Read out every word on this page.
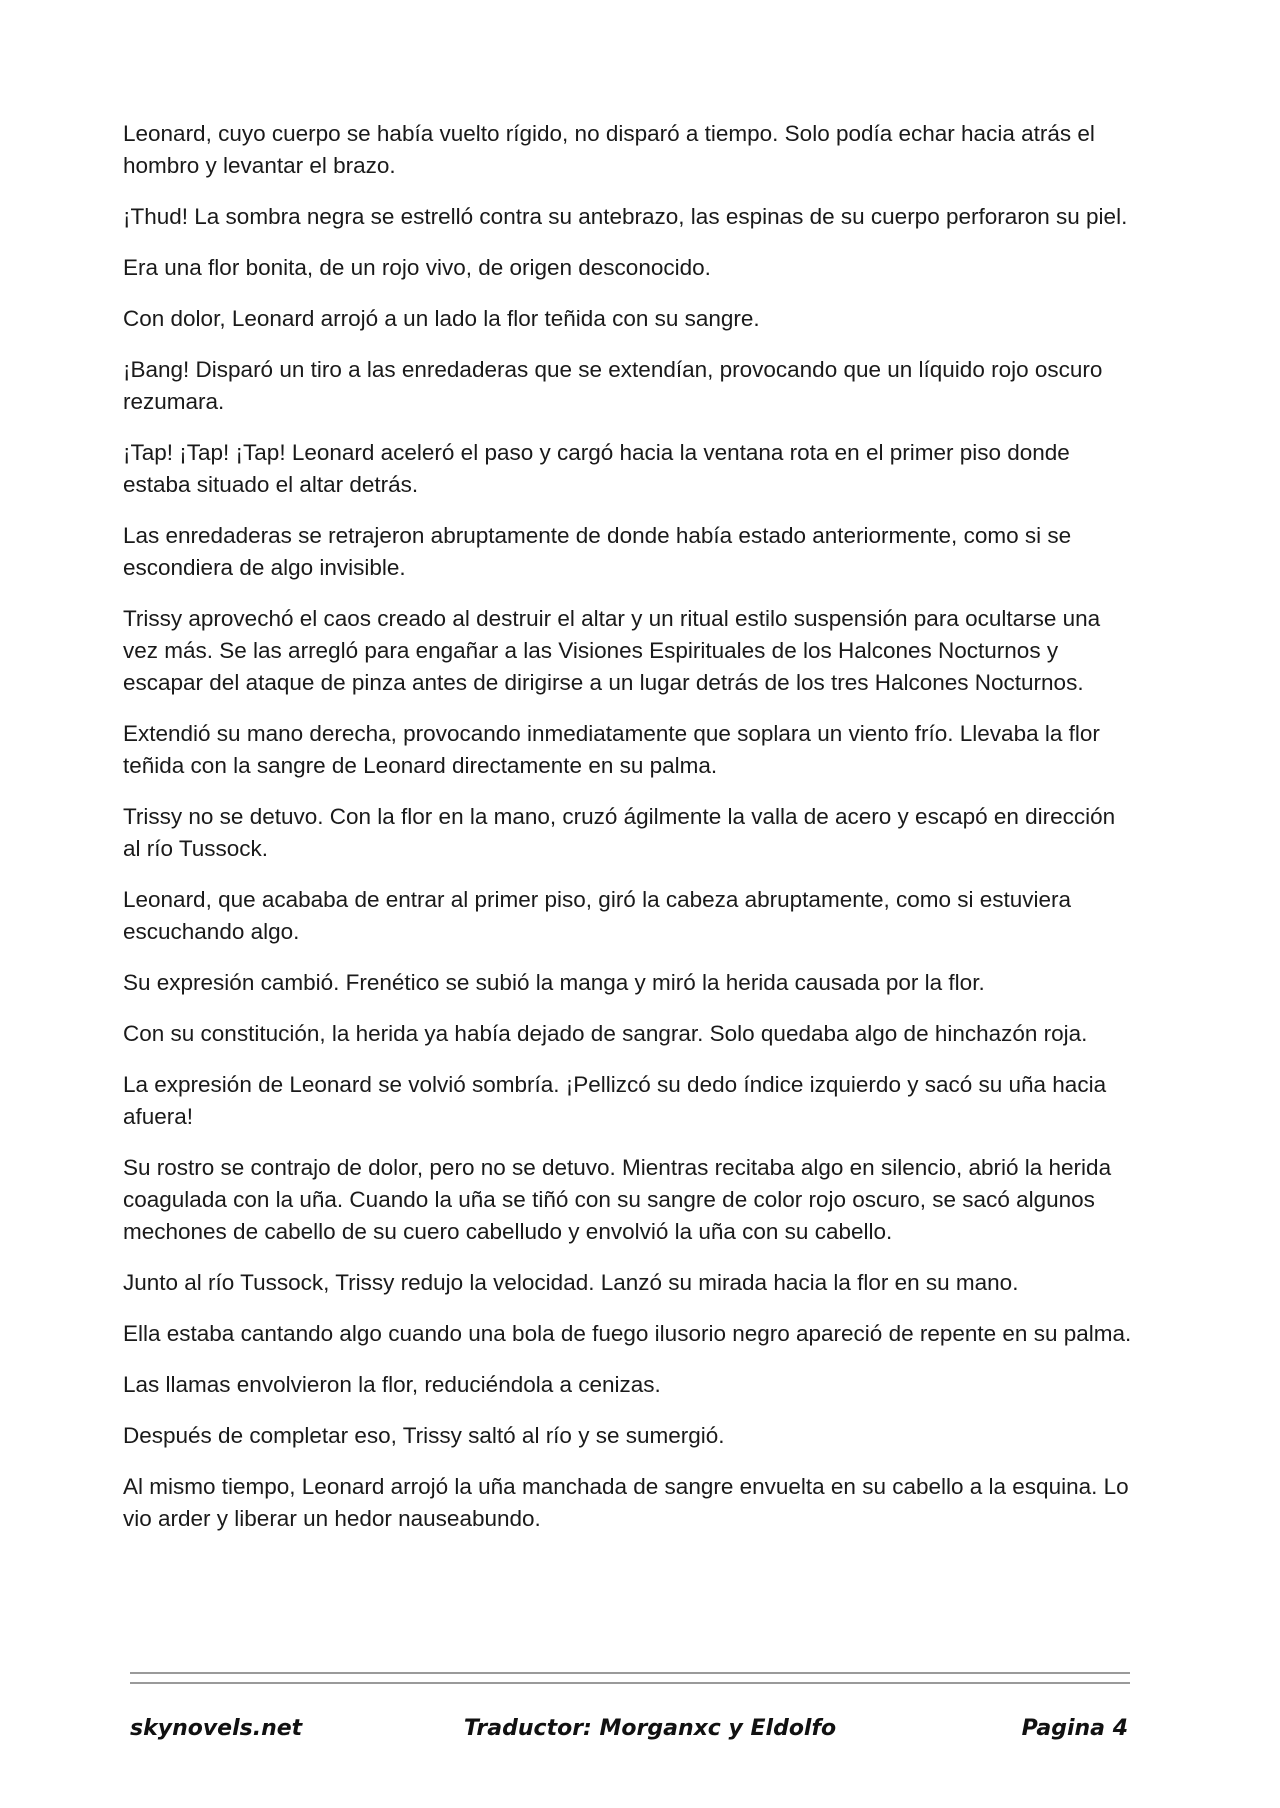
Leonard, cuyo cuerpo se había vuelto rígido, no disparó a tiempo. Solo podía echar hacia atrás el hombro y levantar el brazo.

¡Thud! La sombra negra se estrelló contra su antebrazo, las espinas de su cuerpo perforaron su piel.

Era una flor bonita, de un rojo vivo, de origen desconocido.

Con dolor, Leonard arrojó a un lado la flor teñida con su sangre.

¡Bang! Disparó un tiro a las enredaderas que se extendían, provocando que un líquido rojo oscuro rezumara.

¡Tap! ¡Tap! ¡Tap! Leonard aceleró el paso y cargó hacia la ventana rota en el primer piso donde estaba situado el altar detrás.

Las enredaderas se retrajeron abruptamente de donde había estado anteriormente, como si se escondiera de algo invisible.

Trissy aprovechó el caos creado al destruir el altar y un ritual estilo suspensión para ocultarse una vez más. Se las arregló para engañar a las Visiones Espirituales de los Halcones Nocturnos y escapar del ataque de pinza antes de dirigirse a un lugar detrás de los tres Halcones Nocturnos.

Extendió su mano derecha, provocando inmediatamente que soplara un viento frío. Llevaba la flor teñida con la sangre de Leonard directamente en su palma.

Trissy no se detuvo. Con la flor en la mano, cruzó ágilmente la valla de acero y escapó en dirección al río Tussock.

Leonard, que acababa de entrar al primer piso, giró la cabeza abruptamente, como si estuviera escuchando algo.

Su expresión cambió. Frenético se subió la manga y miró la herida causada por la flor.

Con su constitución, la herida ya había dejado de sangrar. Solo quedaba algo de hinchazón roja.

La expresión de Leonard se volvió sombría. ¡Pellizcó su dedo índice izquierdo y sacó su uña hacia afuera!

Su rostro se contrajo de dolor, pero no se detuvo. Mientras recitaba algo en silencio, abrió la herida coagulada con la uña. Cuando la uña se tiñó con su sangre de color rojo oscuro, se sacó algunos mechones de cabello de su cuero cabelludo y envolvió la uña con su cabello.

Junto al río Tussock, Trissy redujo la velocidad. Lanzó su mirada hacia la flor en su mano.

Ella estaba cantando algo cuando una bola de fuego ilusorio negro apareció de repente en su palma.

Las llamas envolvieron la flor, reduciéndola a cenizas.

Después de completar eso, Trissy saltó al río y se sumergió.

Al mismo tiempo, Leonard arrojó la uña manchada de sangre envuelta en su cabello a la esquina. Lo vio arder y liberar un hedor nauseabundo.

skynovels.net	Traductor: Morganxc y Eldolfo	Pagina 4
